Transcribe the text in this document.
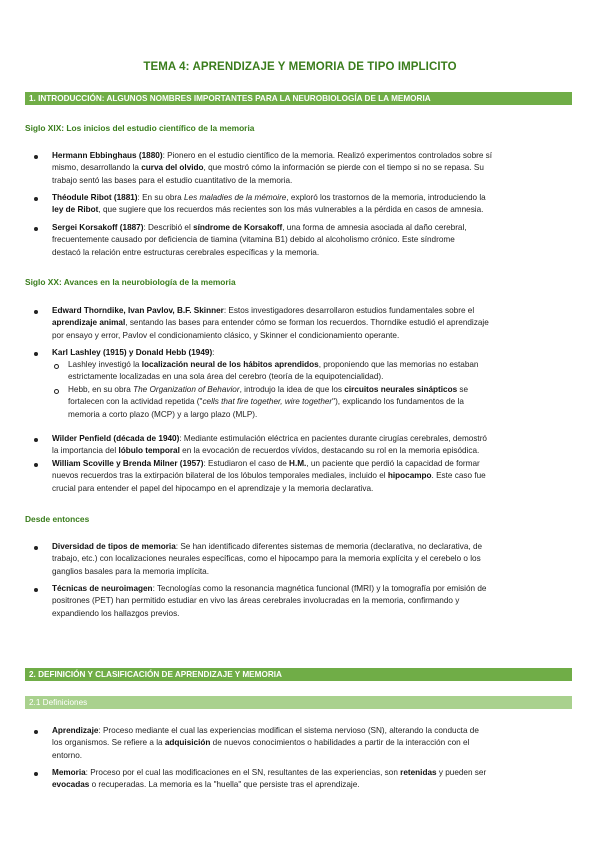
TEMA 4: APRENDIZAJE Y MEMORIA DE TIPO IMPLICITO
1. INTRODUCCIÓN: ALGUNOS NOMBRES IMPORTANTES PARA LA NEUROBIOLOGÍA DE LA MEMORIA
Siglo XIX: Los inicios del estudio científico de la memoria
Hermann Ebbinghaus (1880): Pionero en el estudio científico de la memoria. Realizó experimentos controlados sobre sí
mismo, desarrollando la curva del olvido, que mostró cómo la información se pierde con el tiempo si no se repasa. Su
trabajo sentó las bases para el estudio cuantitativo de la memoria.
Théodule Ribot (1881): En su obra Les maladies de la mémoire, exploró los trastornos de la memoria, introduciendo la
ley de Ribot, que sugiere que los recuerdos más recientes son los más vulnerables a la pérdida en casos de amnesia.
Sergei Korsakoff (1887): Describió el síndrome de Korsakoff, una forma de amnesia asociada al daño cerebral,
frecuentemente causado por deficiencia de tiamina (vitamina B1) debido al alcoholismo crónico. Este síndrome
destacó la relación entre estructuras cerebrales específicas y la memoria.
Siglo XX: Avances en la neurobiología de la memoria
Edward Thorndike, Ivan Pavlov, B.F. Skinner: Estos investigadores desarrollaron estudios fundamentales sobre el
aprendizaje animal, sentando las bases para entender cómo se forman los recuerdos. Thorndike estudió el aprendizaje
por ensayo y error, Pavlov el condicionamiento clásico, y Skinner el condicionamiento operante.
Karl Lashley (1915) y Donald Hebb (1949):
Lashley investigó la localización neural de los hábitos aprendidos, proponiendo que las memorias no estaban
estrictamente localizadas en una sola área del cerebro (teoría de la equipotencialidad).
Hebb, en su obra The Organization of Behavior, introdujo la idea de que los circuitos neurales sinápticos se
fortalecen con la actividad repetida ("cells that fire together, wire together"), explicando los fundamentos de la
memoria a corto plazo (MCP) y a largo plazo (MLP).
Wilder Penfield (década de 1940): Mediante estimulación eléctrica en pacientes durante cirugías cerebrales, demostró
la importancia del lóbulo temporal en la evocación de recuerdos vívidos, destacando su rol en la memoria episódica.
William Scoville y Brenda Milner (1957): Estudiaron el caso de H.M., un paciente que perdió la capacidad de formar
nuevos recuerdos tras la extirpación bilateral de los lóbulos temporales mediales, incluido el hipocampo. Este caso fue
crucial para entender el papel del hipocampo en el aprendizaje y la memoria declarativa.
Desde entonces
Diversidad de tipos de memoria: Se han identificado diferentes sistemas de memoria (declarativa, no declarativa, de
trabajo, etc.) con localizaciones neurales específicas, como el hipocampo para la memoria explícita y el cerebelo o los
ganglios basales para la memoria implícita.
Técnicas de neuroimagen: Tecnologías como la resonancia magnética funcional (fMRI) y la tomografía por emisión de
positrones (PET) han permitido estudiar en vivo las áreas cerebrales involucradas en la memoria, confirmando y
expandiendo los hallazgos previos.
2. DEFINICIÓN Y CLASIFICACIÓN DE APRENDIZAJE Y MEMORIA
2.1 Definiciones
Aprendizaje: Proceso mediante el cual las experiencias modifican el sistema nervioso (SN), alterando la conducta de
los organismos. Se refiere a la adquisición de nuevos conocimientos o habilidades a partir de la interacción con el
entorno.
Memoria: Proceso por el cual las modificaciones en el SN, resultantes de las experiencias, son retenidas y pueden ser
evocadas o recuperadas. La memoria es la "huella" que persiste tras el aprendizaje.
